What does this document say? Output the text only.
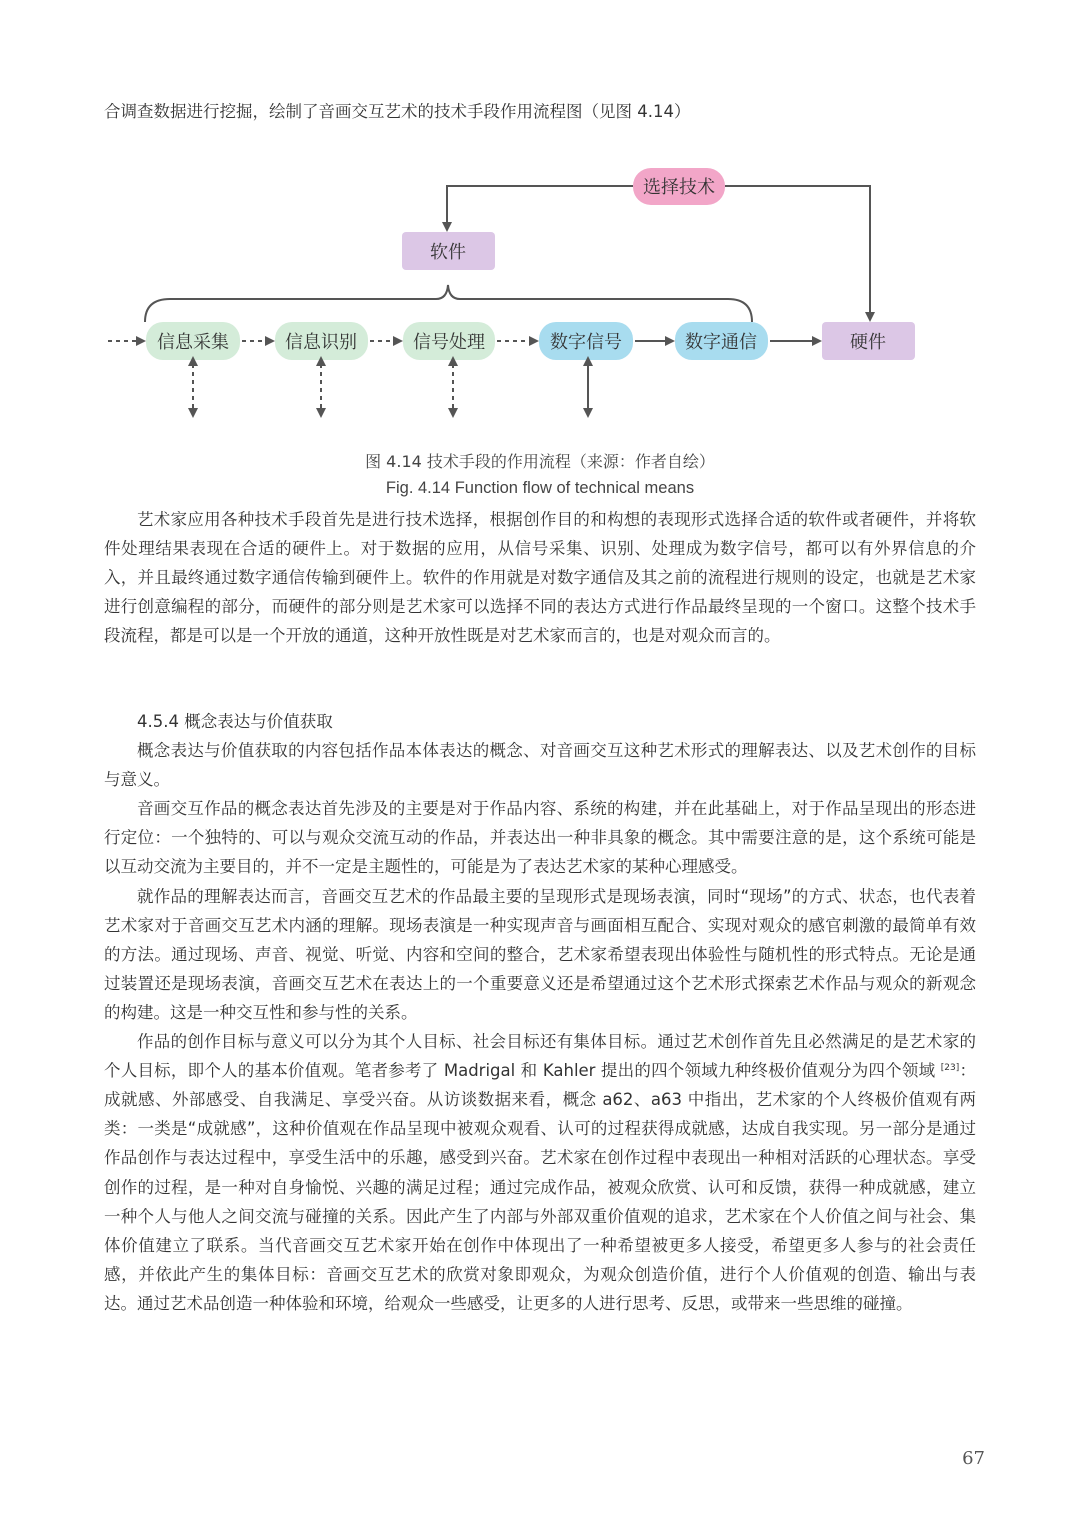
合调查数据进行挖掘，绘制了音画交互艺术的技术手段作用流程图（见图 4.14）
选择技术
软件
信息采集	信息识别	信号处理	数字信号	数字通信	硬件
图 4.14 技术手段的作用流程（来源：作者自绘）
Fig. 4.14 Function flow of technical means

艺术家应用各种技术手段首先是进行技术选择，根据创作目的和构想的表现形式选择合适的软件或者硬件，并将软件处理结果表现在合适的硬件上。对于数据的应用，从信号采集、识别、处理成为数字信号，都可以有外界信息的介入，并且最终通过数字通信传输到硬件上。软件的作用就是对数字通信及其之前的流程进行规则的设定，也就是艺术家进行创意编程的部分，而硬件的部分则是艺术家可以选择不同的表达方式进行作品最终呈现的一个窗口。这整个技术手段流程，都是可以是一个开放的通道，这种开放性既是对艺术家而言的，也是对观众而言的。

4.5.4 概念表达与价值获取

概念表达与价值获取的内容包括作品本体表达的概念、对音画交互这种艺术形式的理解表达、以及艺术创作的目标与意义。

音画交互作品的概念表达首先涉及的主要是对于作品内容、系统的构建，并在此基础上，对于作品呈现出的形态进行定位：一个独特的、可以与观众交流互动的作品，并表达出一种非具象的概念。其中需要注意的是，这个系统可能是以互动交流为主要目的，并不一定是主题性的，可能是为了表达艺术家的某种心理感受。

就作品的理解表达而言，音画交互艺术的作品最主要的呈现形式是现场表演，同时“现场”的方式、状态，也代表着艺术家对于音画交互艺术内涵的理解。现场表演是一种实现声音与画面相互配合、实现对观众的感官刺激的最简单有效的方法。通过现场、声音、视觉、听觉、内容和空间的整合，艺术家希望表现出体验性与随机性的形式特点。无论是通过装置还是现场表演，音画交互艺术在表达上的一个重要意义还是希望通过这个艺术形式探索艺术作品与观众的新观念的构建。这是一种交互性和参与性的关系。

作品的创作目标与意义可以分为其个人目标、社会目标还有集体目标。通过艺术创作首先且必然满足的是艺术家的个人目标，即个人的基本价值观。笔者参考了 Madrigal 和 Kahler 提出的四个领域九种终极价值观分为四个领域 [23]：成就感、外部感受、自我满足、享受兴奋。从访谈数据来看，概念 a62、a63 中指出，艺术家的个人终极价值观有两类：一类是“成就感”，这种价值观在作品呈现中被观众观看、认可的过程获得成就感，达成自我实现。另一部分是通过作品创作与表达过程中，享受生活中的乐趣，感受到兴奋。艺术家在创作过程中表现出一种相对活跃的心理状态。享受创作的过程，是一种对自身愉悦、兴趣的满足过程；通过完成作品，被观众欣赏、认可和反馈，获得一种成就感，建立一种个人与他人之间交流与碰撞的关系。因此产生了内部与外部双重价值观的追求，艺术家在个人价值之间与社会、集体价值建立了联系。当代音画交互艺术家开始在创作中体现出了一种希望被更多人接受，希望更多人参与的社会责任感，并依此产生的集体目标：音画交互艺术的欣赏对象即观众，为观众创造价值，进行个人价值观的创造、输出与表达。通过艺术品创造一种体验和环境，给观众一些感受，让更多的人进行思考、反思，或带来一些思维的碰撞。

67
